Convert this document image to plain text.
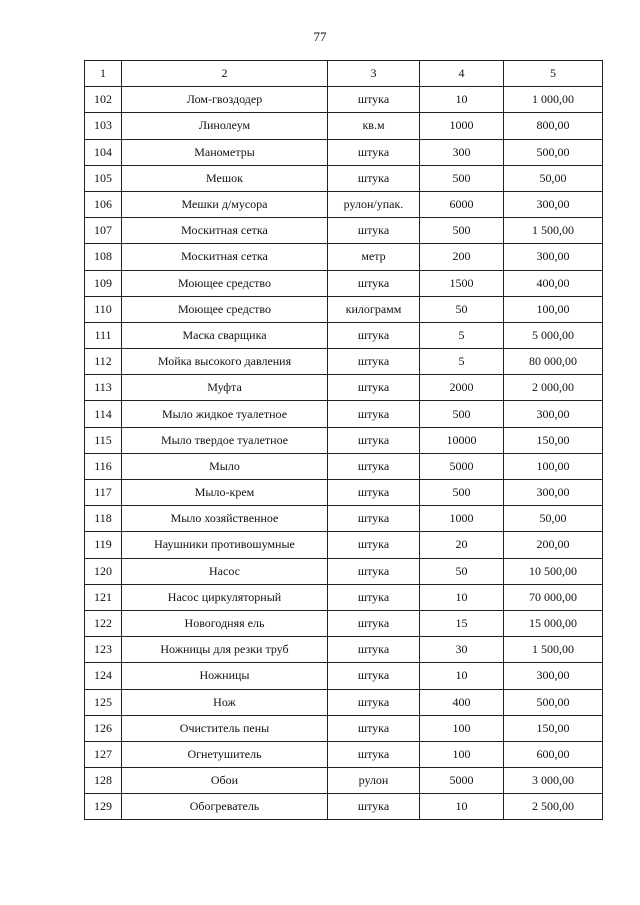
77
1	2	3	4	5
102	Лом-гвоздодер	штука	10	1 000,00
103	Линолеум	кв.м	1000	800,00
104	Манометры	штука	300	500,00
105	Мешок	штука	500	50,00
106	Мешки д/мусора	рулон/упак.	6000	300,00
107	Москитная сетка	штука	500	1 500,00
108	Москитная сетка	метр	200	300,00
109	Моющее средство	штука	1500	400,00
110	Моющее средство	килограмм	50	100,00
111	Маска сварщика	штука	5	5 000,00
112	Мойка высокого давления	штука	5	80 000,00
113	Муфта	штука	2000	2 000,00
114	Мыло жидкое туалетное	штука	500	300,00
115	Мыло твердое туалетное	штука	10000	150,00
116	Мыло	штука	5000	100,00
117	Мыло-крем	штука	500	300,00
118	Мыло хозяйственное	штука	1000	50,00
119	Наушники противошумные	штука	20	200,00
120	Насос	штука	50	10 500,00
121	Насос циркуляторный	штука	10	70 000,00
122	Новогодняя ель	штука	15	15 000,00
123	Ножницы для резки труб	штука	30	1 500,00
124	Ножницы	штука	10	300,00
125	Нож	штука	400	500,00
126	Очиститель пены	штука	100	150,00
127	Огнетушитель	штука	100	600,00
128	Обои	рулон	5000	3 000,00
129	Обогреватель	штука	10	2 500,00
